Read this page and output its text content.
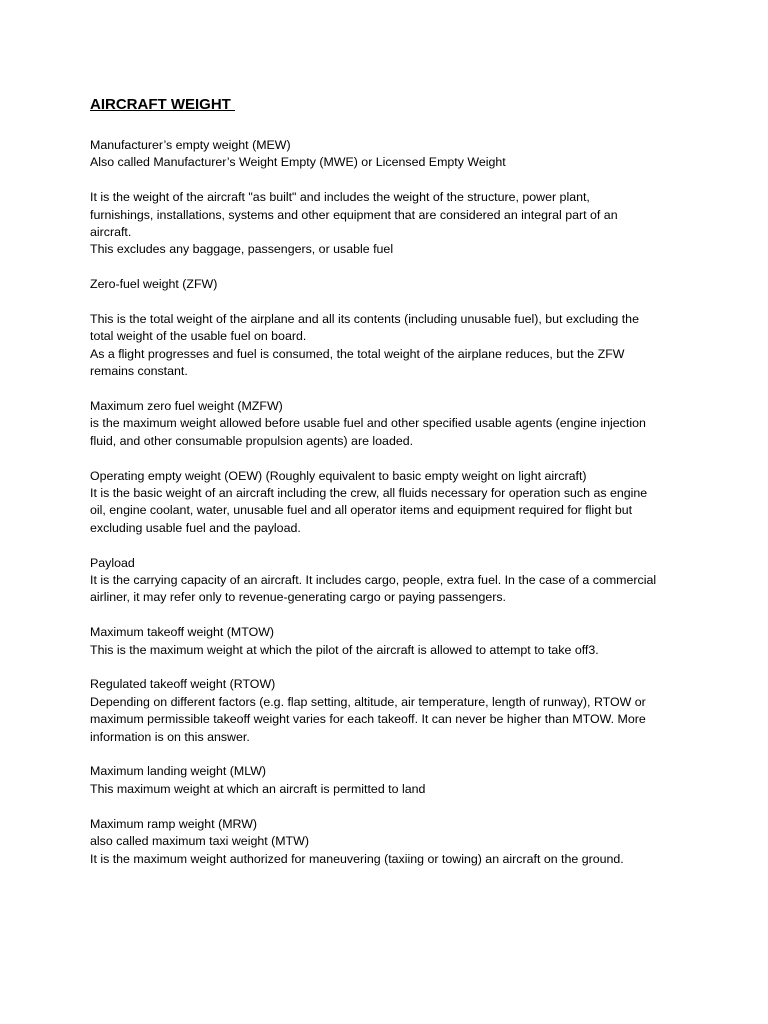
AIRCRAFT WEIGHT
Manufacturer’s empty weight (MEW)
Also called Manufacturer’s Weight Empty (MWE) or Licensed Empty Weight
It is the weight of the aircraft "as built" and includes the weight of the structure, power plant,
furnishings, installations, systems and other equipment that are considered an integral part of an
aircraft.
This excludes any baggage, passengers, or usable fuel
Zero-fuel weight (ZFW)
This is the total weight of the airplane and all its contents (including unusable fuel), but excluding the
total weight of the usable fuel on board.
As a flight progresses and fuel is consumed, the total weight of the airplane reduces, but the ZFW
remains constant.
Maximum zero fuel weight (MZFW)
is the maximum weight allowed before usable fuel and other specified usable agents (engine injection
fluid, and other consumable propulsion agents) are loaded.
Operating empty weight (OEW) (Roughly equivalent to basic empty weight on light aircraft)
It is the basic weight of an aircraft including the crew, all fluids necessary for operation such as engine
oil, engine coolant, water, unusable fuel and all operator items and equipment required for flight but
excluding usable fuel and the payload.
Payload
It is the carrying capacity of an aircraft. It includes cargo, people, extra fuel. In the case of a commercial
airliner, it may refer only to revenue-generating cargo or paying passengers.
Maximum takeoff weight (MTOW)
This is the maximum weight at which the pilot of the aircraft is allowed to attempt to take off3.
Regulated takeoff weight (RTOW)
Depending on different factors (e.g. flap setting, altitude, air temperature, length of runway), RTOW or
maximum permissible takeoff weight varies for each takeoff. It can never be higher than MTOW. More
information is on this answer.
Maximum landing weight (MLW)
This maximum weight at which an aircraft is permitted to land
Maximum ramp weight (MRW)
also called maximum taxi weight (MTW)
It is the maximum weight authorized for maneuvering (taxiing or towing) an aircraft on the ground.
